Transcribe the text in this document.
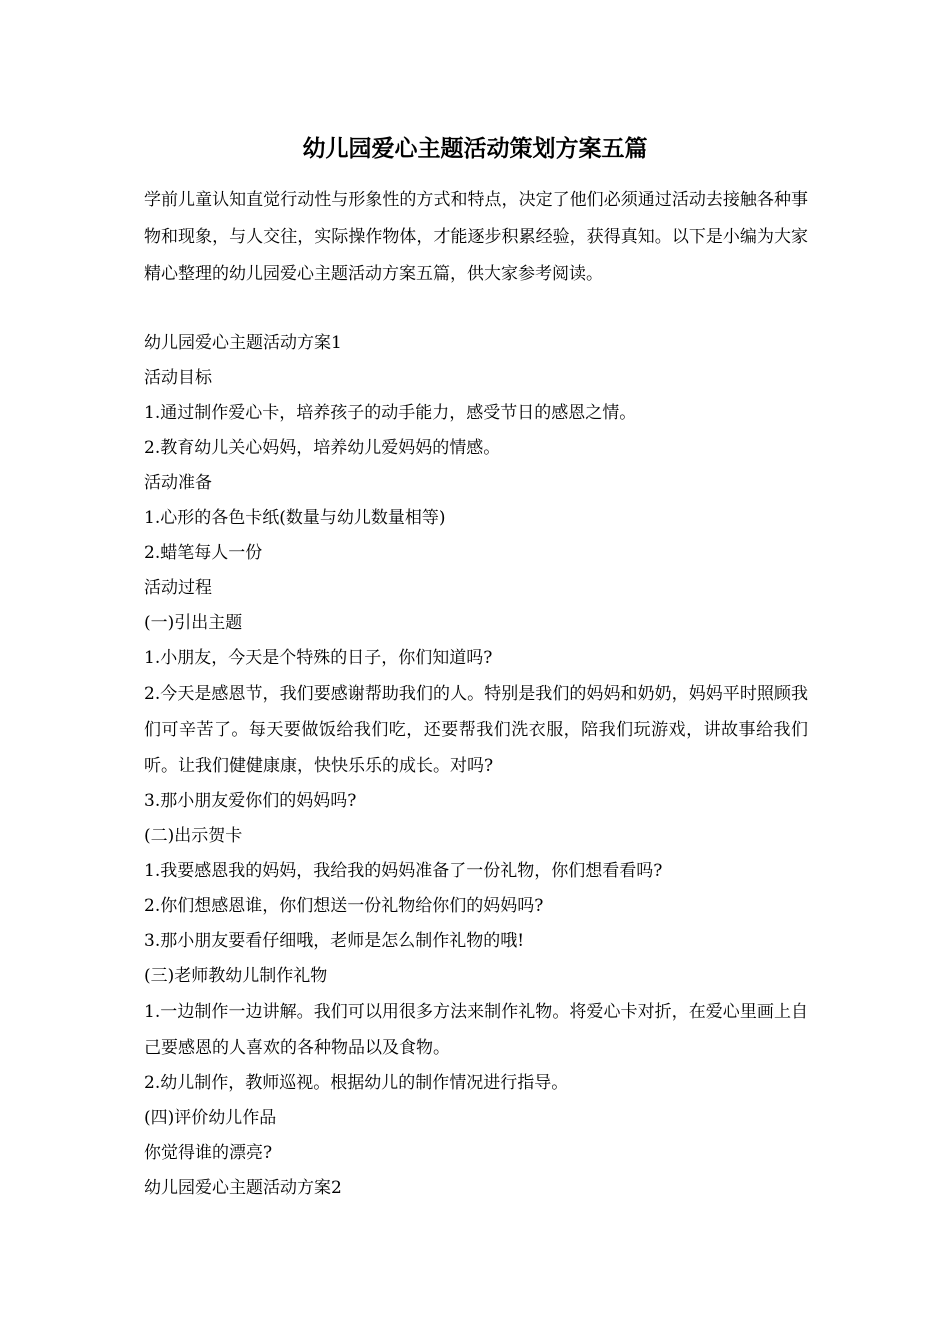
幼儿园爱心主题活动策划方案五篇
学前儿童认知直觉行动性与形象性的方式和特点，决定了他们必须通过活动去接触各种事物和现象，与人交往，实际操作物体，才能逐步积累经验，获得真知。以下是小编为大家精心整理的幼儿园爱心主题活动方案五篇，供大家参考阅读。
幼儿园爱心主题活动方案1
活动目标
1.通过制作爱心卡，培养孩子的动手能力，感受节日的感恩之情。
2.教育幼儿关心妈妈，培养幼儿爱妈妈的情感。
活动准备
1.心形的各色卡纸(数量与幼儿数量相等)
2.蜡笔每人一份
活动过程
(一)引出主题
1.小朋友，今天是个特殊的日子，你们知道吗?
2.今天是感恩节，我们要感谢帮助我们的人。特别是我们的妈妈和奶奶，妈妈平时照顾我们可辛苦了。每天要做饭给我们吃，还要帮我们洗衣服，陪我们玩游戏，讲故事给我们听。让我们健健康康，快快乐乐的成长。对吗?
3.那小朋友爱你们的妈妈吗?
(二)出示贺卡
1.我要感恩我的妈妈，我给我的妈妈准备了一份礼物，你们想看看吗?
2.你们想感恩谁，你们想送一份礼物给你们的妈妈吗?
3.那小朋友要看仔细哦，老师是怎么制作礼物的哦!
(三)老师教幼儿制作礼物
1.一边制作一边讲解。我们可以用很多方法来制作礼物。将爱心卡对折，在爱心里画上自己要感恩的人喜欢的各种物品以及食物。
2.幼儿制作，教师巡视。根据幼儿的制作情况进行指导。
(四)评价幼儿作品
你觉得谁的漂亮?
幼儿园爱心主题活动方案2
